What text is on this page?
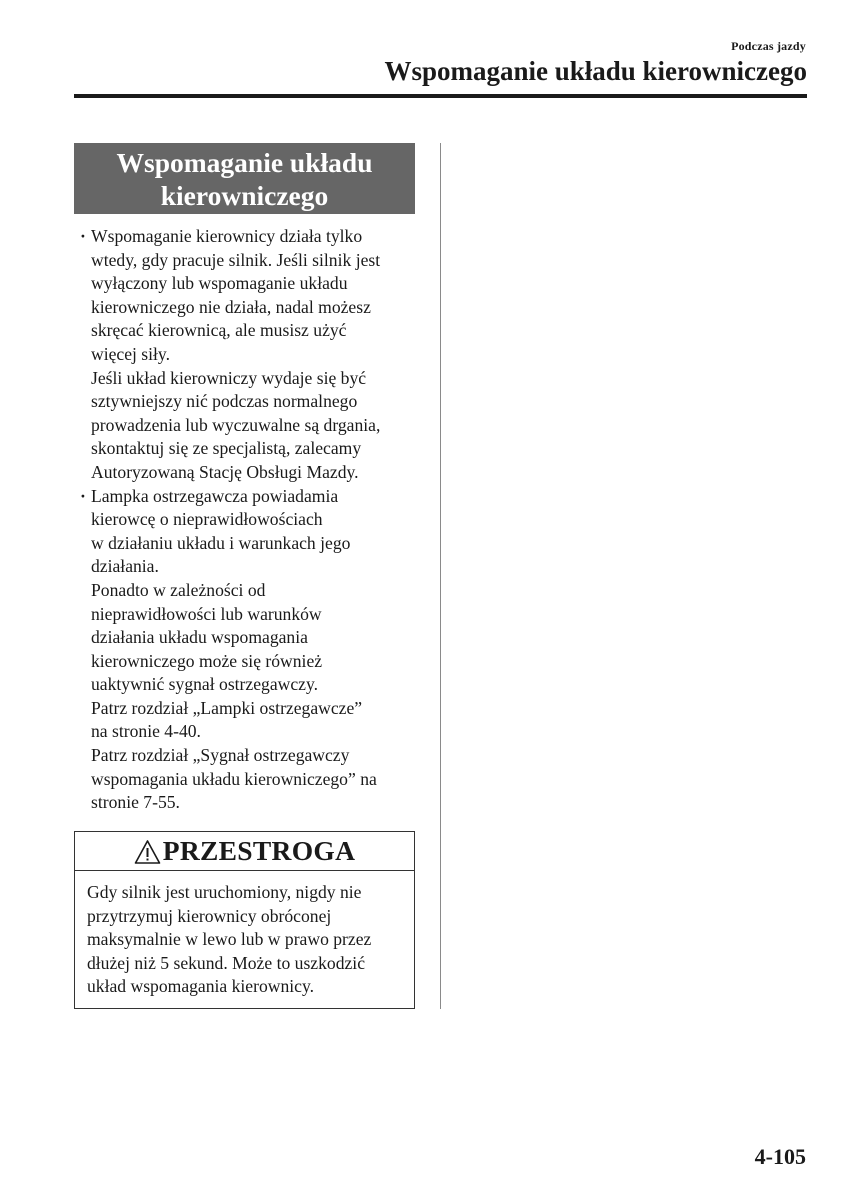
Podczas jazdy
Wspomaganie układu kierowniczego
Wspomaganie układu kierowniczego
· Wspomaganie kierownicy działa tylko
wtedy, gdy pracuje silnik. Jeśli silnik jest
wyłączony lub wspomaganie układu
kierowniczego nie działa, nadal możesz
skręcać kierownicą, ale musisz użyć
więcej siły.
Jeśli układ kierowniczy wydaje się być
sztywniejszy nić podczas normalnego
prowadzenia lub wyczuwalne są drgania,
skontaktuj się ze specjalistą, zalecamy
Autoryzowaną Stację Obsługi Mazdy.

· Lampka ostrzegawcza powiadamia
kierowcę o nieprawidłowościach
w działaniu układu i warunkach jego
działania.
Ponadto w zależności od
nieprawidłowości lub warunków
działania układu wspomagania
kierowniczego może się również
uaktywnić sygnał ostrzegawczy.
Patrz rozdział „Lampki ostrzegawcze”
na stronie 4-40.
Patrz rozdział „Sygnał ostrzegawczy
wspomagania układu kierowniczego” na
stronie 7-55.

PRZESTROGA
Gdy silnik jest uruchomiony, nigdy nie
przytrzymuj kierownicy obróconej
maksymalnie w lewo lub w prawo przez
dłużej niż 5 sekund. Może to uszkodzić
układ wspomagania kierownicy.
4-105
